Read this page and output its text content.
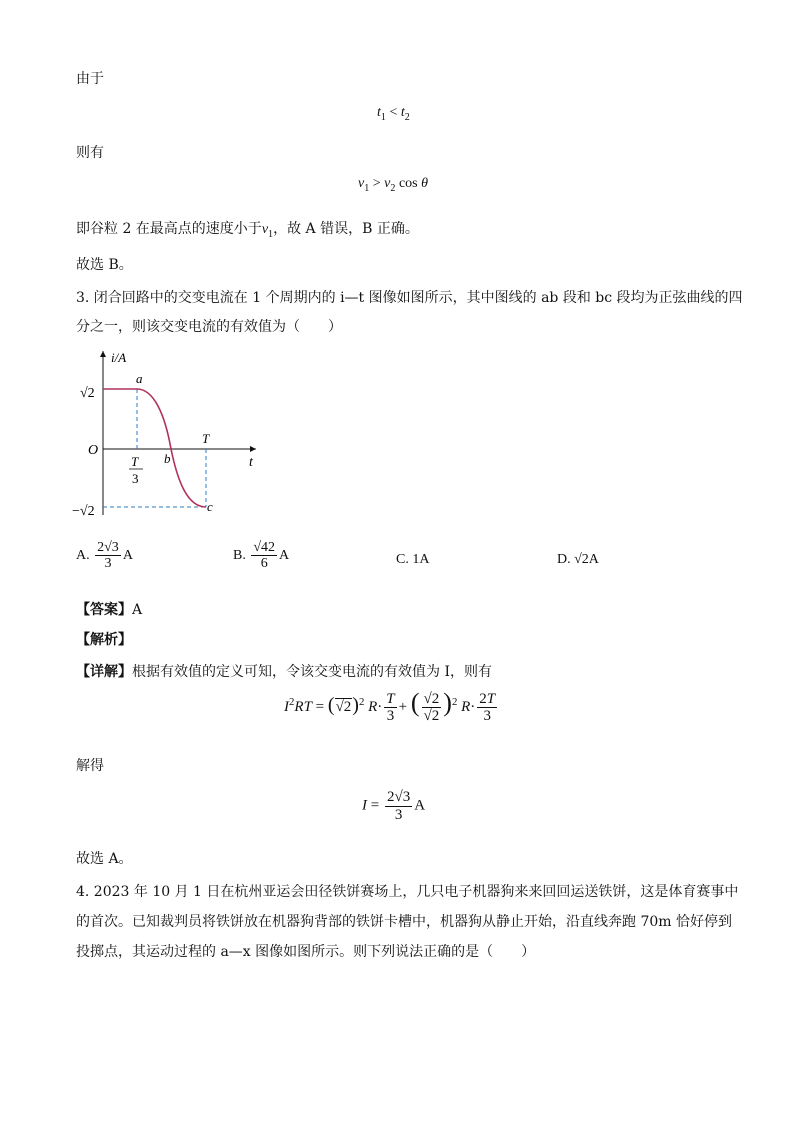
由于
$t_1 < t_2$
则有
$v_1 > v_2$ cos θ
即谷粒 2 在最高点的速度小于$v_1$，故 A 错误，B 正确。
故选 B。
3. 闭合回路中的交变电流在 1 个周期内的 i—t 图像如图所示，其中图线的 ab 段和 bc 段均为正弦曲线的四
分之一，则该交变电流的有效值为（　　）
i/A
t
O
√2
−√2
T
3
T
a
b
c
A. $\frac{2√3}{3}$ A	B. $\frac{√42}{6}$ A	C. 1A	D. √2A
【答案】A
【解析】
【详解】根据有效值的定义可知，令该交变电流的有效值为 I，则有
$I^2RT = (√2)^2$ $R\cdot \frac{T}{3}$ + ( $\frac{√2}{√2} )^2$ $R\cdot \frac{2T}{3}$
解得
$I = \frac{2√3}{3}$ A
故选 A。
4. 2023 年 10 月 1 日在杭州亚运会田径铁饼赛场上，几只电子机器狗来来回回运送铁饼，这是体育赛事中
的首次。已知裁判员将铁饼放在机器狗背部的铁饼卡槽中，机器狗从静止开始，沿直线奔跑 70m 恰好停到
投掷点，其运动过程的 a—x 图像如图所示。则下列说法正确的是（　　）
